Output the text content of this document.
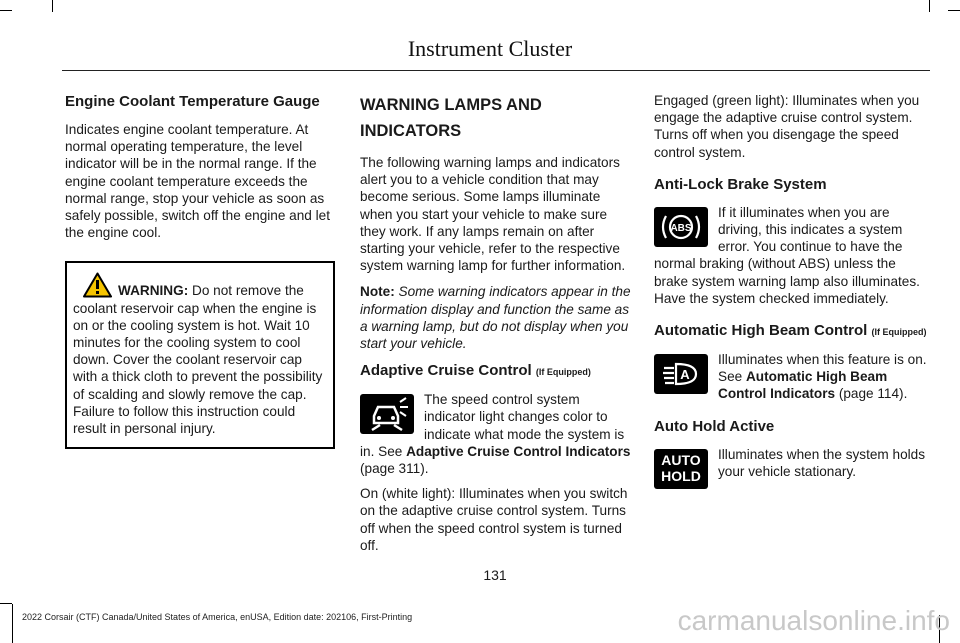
Instrument Cluster
Engine Coolant Temperature Gauge

Indicates engine coolant temperature. At normal operating temperature, the level indicator will be in the normal range. If the engine coolant temperature exceeds the normal range, stop your vehicle as soon as safely possible, switch off the engine and let the engine cool.

WARNING: Do not remove the coolant reservoir cap when the engine is on or the cooling system is hot. Wait 10 minutes for the cooling system to cool down. Cover the coolant reservoir cap with a thick cloth to prevent the possibility of scalding and slowly remove the cap. Failure to follow this instruction could result in personal injury.
WARNING LAMPS AND INDICATORS

The following warning lamps and indicators alert you to a vehicle condition that may become serious. Some lamps illuminate when you start your vehicle to make sure they work. If any lamps remain on after starting your vehicle, refer to the respective system warning lamp for further information.

Note: Some warning indicators appear in the information display and function the same as a warning lamp, but do not display when you start your vehicle.

Adaptive Cruise Control (If Equipped)
The speed control system indicator light changes color to indicate what mode the system is in. See Adaptive Cruise Control Indicators (page 311).

On (white light): Illuminates when you switch on the adaptive cruise control system. Turns off when the speed control system is turned off.

Engaged (green light): Illuminates when you engage the adaptive cruise control system. Turns off when you disengage the speed control system.

Anti-Lock Brake System
ABS
If it illuminates when you are driving, this indicates a system error. You continue to have the normal braking (without ABS) unless the brake system warning lamp also illuminates. Have the system checked immediately.
Automatic High Beam Control (If Equipped)
A
Illuminates when this feature is on. See Automatic High Beam Control Indicators (page 114).
Auto Hold Active
AUTO
HOLD
Illuminates when the system holds your vehicle stationary.
131
2022 Corsair (CTF) Canada/United States of America, enUSA, Edition date: 202106, First-Printing	carmanualsonline.info
